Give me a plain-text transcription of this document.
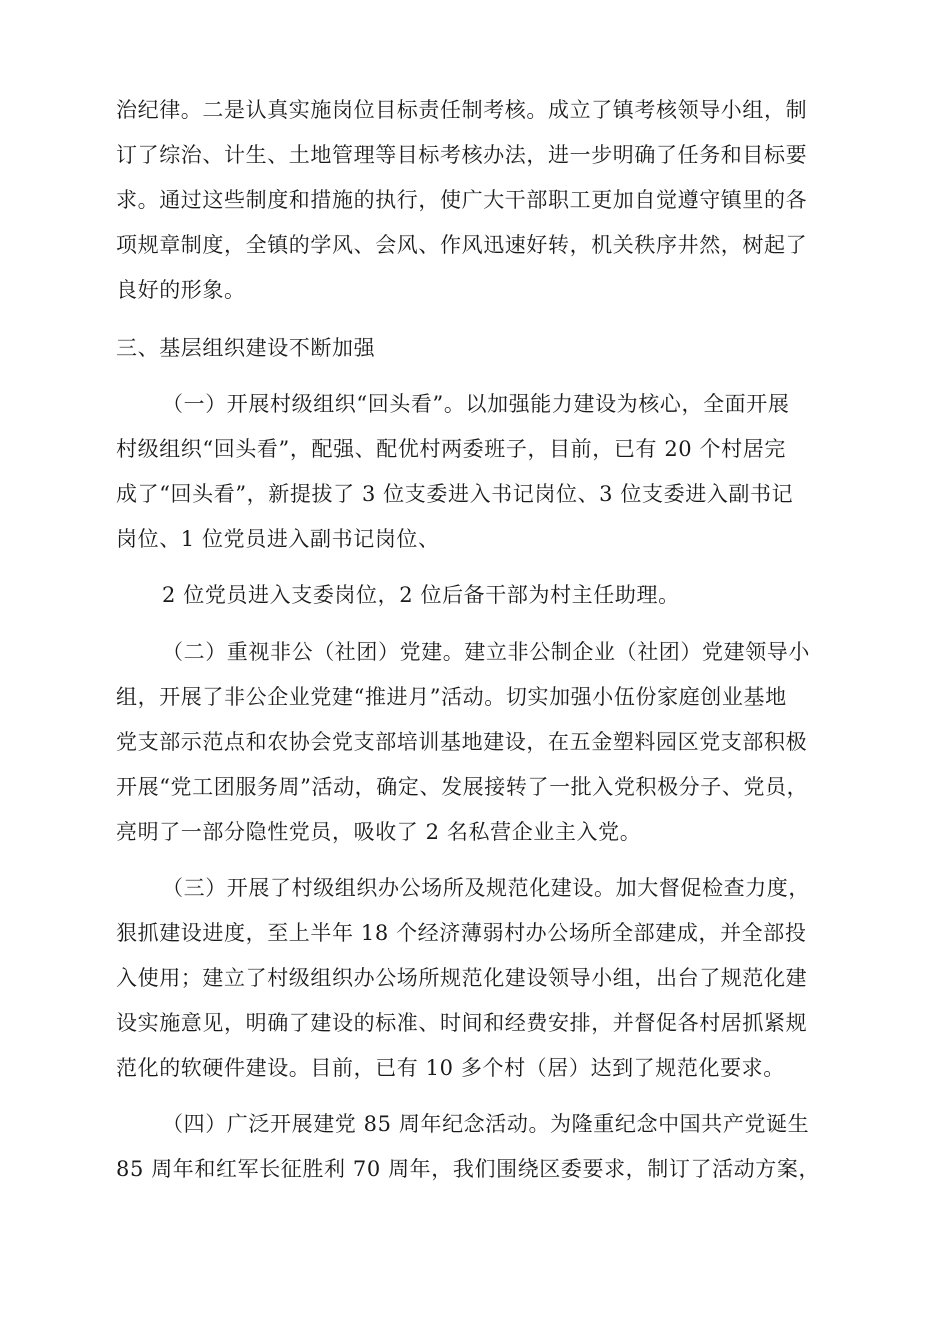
治纪律。二是认真实施岗位目标责任制考核。成立了镇考核领导小组，制
订了综治、计生、土地管理等目标考核办法，进一步明确了任务和目标要
求。通过这些制度和措施的执行，使广大干部职工更加自觉遵守镇里的各
项规章制度，全镇的学风、会风、作风迅速好转，机关秩序井然，树起了
良好的形象。
三、基层组织建设不断加强
（一）开展村级组织“回头看”。以加强能力建设为核心，全面开展
村级组织“回头看”，配强、配优村两委班子，目前，已有 20 个村居完
成了“回头看”，新提拔了 3 位支委进入书记岗位、3 位支委进入副书记
岗位、1 位党员进入副书记岗位、
2 位党员进入支委岗位，2 位后备干部为村主任助理。
（二）重视非公（社团）党建。建立非公制企业（社团）党建领导小
组，开展了非公企业党建“推进月”活动。切实加强小伍份家庭创业基地
党支部示范点和农协会党支部培训基地建设，在五金塑料园区党支部积极
开展“党工团服务周”活动，确定、发展接转了一批入党积极分子、党员，
亮明了一部分隐性党员，吸收了 2 名私营企业主入党。
（三）开展了村级组织办公场所及规范化建设。加大督促检查力度，
狠抓建设进度，至上半年 18 个经济薄弱村办公场所全部建成，并全部投
入使用；建立了村级组织办公场所规范化建设领导小组，出台了规范化建
设实施意见，明确了建设的标准、时间和经费安排，并督促各村居抓紧规
范化的软硬件建设。目前，已有 10 多个村（居）达到了规范化要求。
（四）广泛开展建党 85 周年纪念活动。为隆重纪念中国共产党诞生
85 周年和红军长征胜利 70 周年，我们围绕区委要求，制订了活动方案，
